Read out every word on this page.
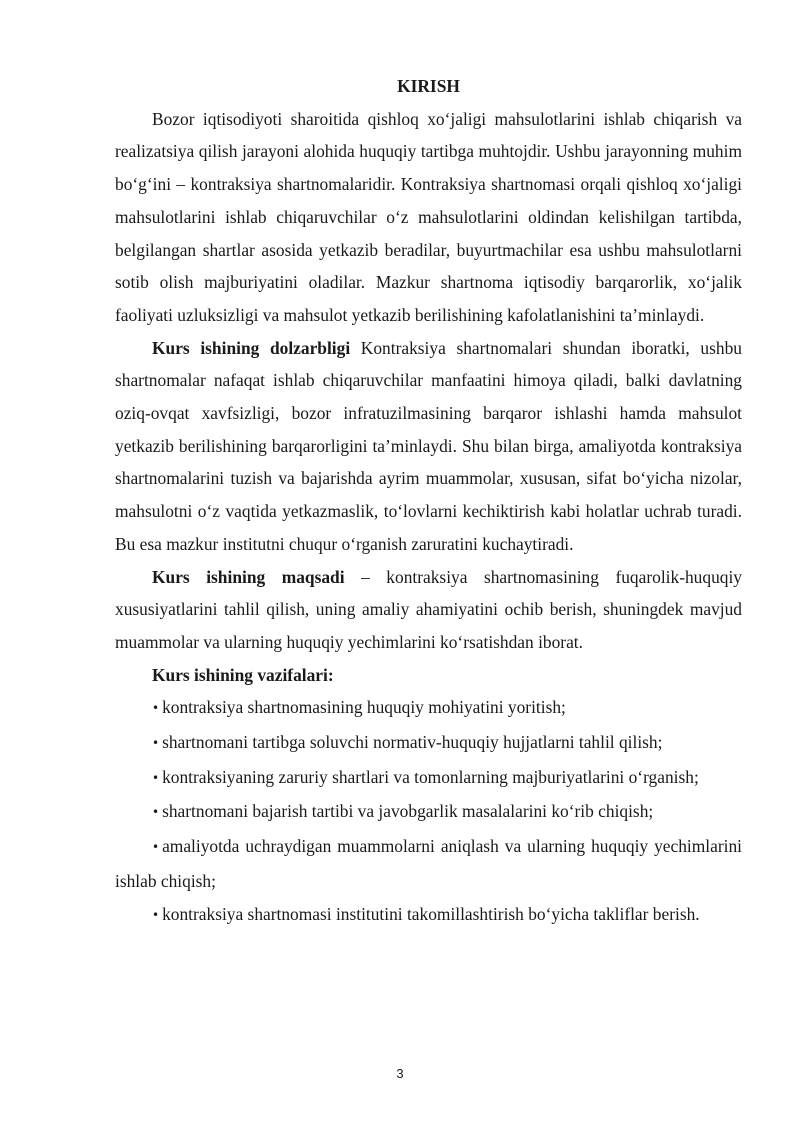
KIRISH

Bozor iqtisodiyoti sharoitida qishloq xo‘jaligi mahsulotlarini ishlab chiqarish va realizatsiya qilish jarayoni alohida huquqiy tartibga muhtojdir. Ushbu jarayonning muhim bo‘g‘ini – kontraksiya shartnomalaridir. Kontraksiya shartnomasi orqali qishloq xo‘jaligi mahsulotlarini ishlab chiqaruvchilar o‘z mahsulotlarini oldindan kelishilgan tartibda, belgilangan shartlar asosida yetkazib beradilar, buyurtmachilar esa ushbu mahsulotlarni sotib olish majburiyatini oladilar. Mazkur shartnoma iqtisodiy barqarorlik, xo‘jalik faoliyati uzluksizligi va mahsulot yetkazib berilishining kafolatlanishini ta’minlaydi.

Kurs ishining dolzarbligi Kontraksiya shartnomalari shundan iboratki, ushbu shartnomalar nafaqat ishlab chiqaruvchilar manfaatini himoya qiladi, balki davlatning oziq-ovqat xavfsizligi, bozor infratuzilmasining barqaror ishlashi hamda mahsulot yetkazib berilishining barqarorligini ta’minlaydi. Shu bilan birga, amaliyotda kontraksiya shartnomalarini tuzish va bajarishda ayrim muammolar, xususan, sifat bo‘yicha nizolar, mahsulotni o‘z vaqtida yetkazmaslik, to‘lovlarni kechiktirish kabi holatlar uchrab turadi. Bu esa mazkur institutni chuqur o‘rganish zaruratini kuchaytiradi.

Kurs ishining maqsadi – kontraksiya shartnomasining fuqarolik-huquqiy xususiyatlarini tahlil qilish, uning amaliy ahamiyatini ochib berish, shuningdek mavjud muammolar va ularning huquqiy yechimlarini ko‘rsatishdan iborat.

Kurs ishining vazifalari:

• kontraksiya shartnomasining huquqiy mohiyatini yoritish;

• shartnomani tartibga soluvchi normativ-huquqiy hujjatlarni tahlil qilish;

• kontraksiyaning zaruriy shartlari va tomonlarning majburiyatlarini o‘rganish;

• shartnomani bajarish tartibi va javobgarlik masalalarini ko‘rib chiqish;

• amaliyotda uchraydigan muammolarni aniqlash va ularning huquqiy yechimlarini ishlab chiqish;

• kontraksiya shartnomasi institutini takomillashtirish bo‘yicha takliflar berish.

3
